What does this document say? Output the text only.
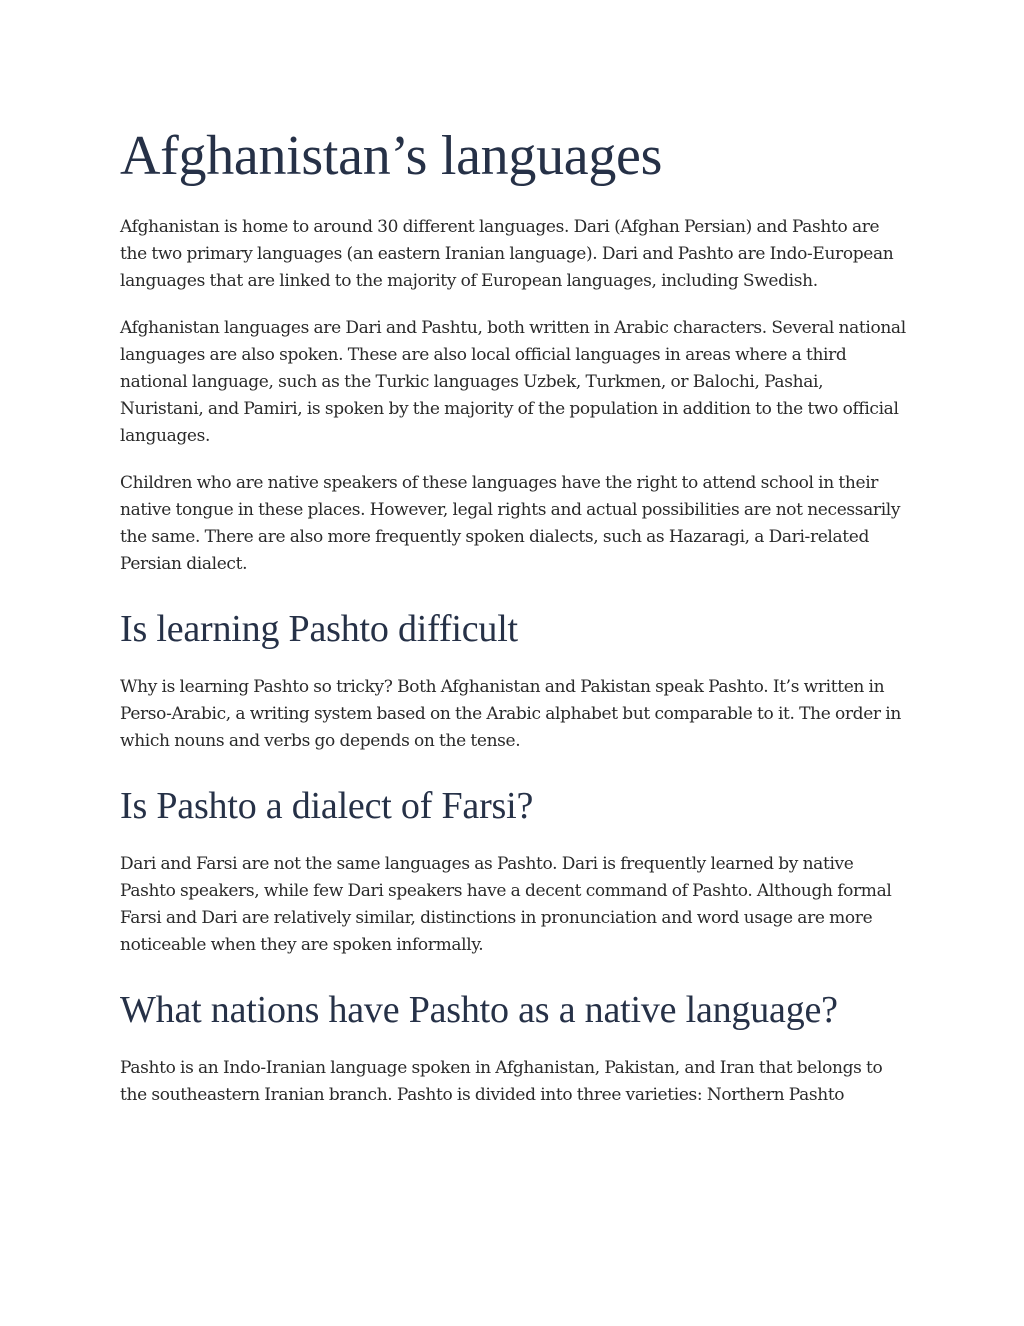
Afghanistan’s languages

Afghanistan is home to around 30 different languages. Dari (Afghan Persian) and Pashto are the two primary languages (an eastern Iranian language). Dari and Pashto are Indo-European languages that are linked to the majority of European languages, including Swedish.

Afghanistan languages are Dari and Pashtu, both written in Arabic characters. Several national languages are also spoken. These are also local official languages in areas where a third national language, such as the Turkic languages Uzbek, Turkmen, or Balochi, Pashai, Nuristani, and Pamiri, is spoken by the majority of the population in addition to the two official languages.

Children who are native speakers of these languages have the right to attend school in their native tongue in these places. However, legal rights and actual possibilities are not necessarily the same. There are also more frequently spoken dialects, such as Hazaragi, a Dari-related Persian dialect.

Is learning Pashto difficult

Why is learning Pashto so tricky? Both Afghanistan and Pakistan speak Pashto. It’s written in Perso-Arabic, a writing system based on the Arabic alphabet but comparable to it. The order in which nouns and verbs go depends on the tense.

Is Pashto a dialect of Farsi?

Dari and Farsi are not the same languages as Pashto. Dari is frequently learned by native Pashto speakers, while few Dari speakers have a decent command of Pashto. Although formal Farsi and Dari are relatively similar, distinctions in pronunciation and word usage are more noticeable when they are spoken informally.

What nations have Pashto as a native language?

Pashto is an Indo-Iranian language spoken in Afghanistan, Pakistan, and Iran that belongs to the southeastern Iranian branch. Pashto is divided into three varieties: Northern Pashto
